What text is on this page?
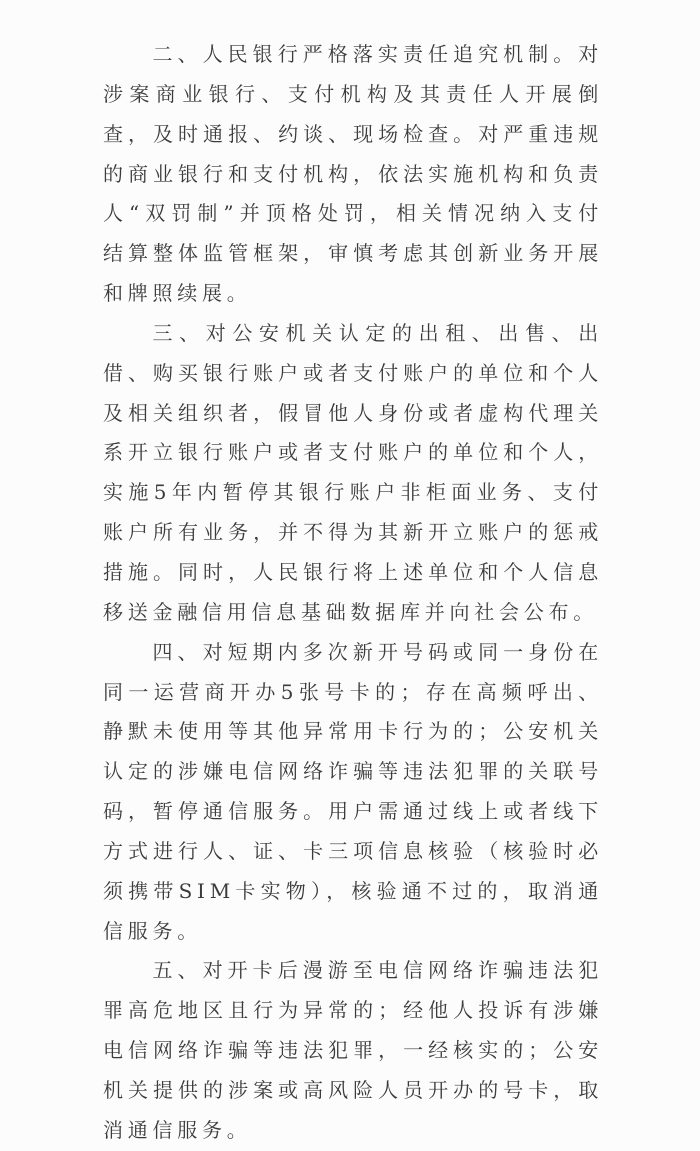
二、人民银行严格落实责任追究机制。对涉案商业银行、支付机构及其责任人开展倒查，及时通报、约谈、现场检查。对严重违规的商业银行和支付机构，依法实施机构和负责人“双罚制”并顶格处罚，相关情况纳入支付结算整体监管框架，审慎考虑其创新业务开展和牌照续展。

三、对公安机关认定的出租、出售、出借、购买银行账户或者支付账户的单位和个人及相关组织者，假冒他人身份或者虚构代理关系开立银行账户或者支付账户的单位和个人，实施5年内暂停其银行账户非柜面业务、支付账户所有业务，并不得为其新开立账户的惩戒措施。同时，人民银行将上述单位和个人信息移送金融信用信息基础数据库并向社会公布。

四、对短期内多次新开号码或同一身份在同一运营商开办5张号卡的；存在高频呼出、静默未使用等其他异常用卡行为的；公安机关认定的涉嫌电信网络诈骗等违法犯罪的关联号码，暂停通信服务。用户需通过线上或者线下方式进行人、证、卡三项信息核验（核验时必须携带SIM卡实物），核验通不过的，取消通信服务。

五、对开卡后漫游至电信网络诈骗违法犯罪高危地区且行为异常的；经他人投诉有涉嫌电信网络诈骗等违法犯罪，一经核实的；公安机关提供的涉案或高风险人员开办的号卡，取消通信服务。
